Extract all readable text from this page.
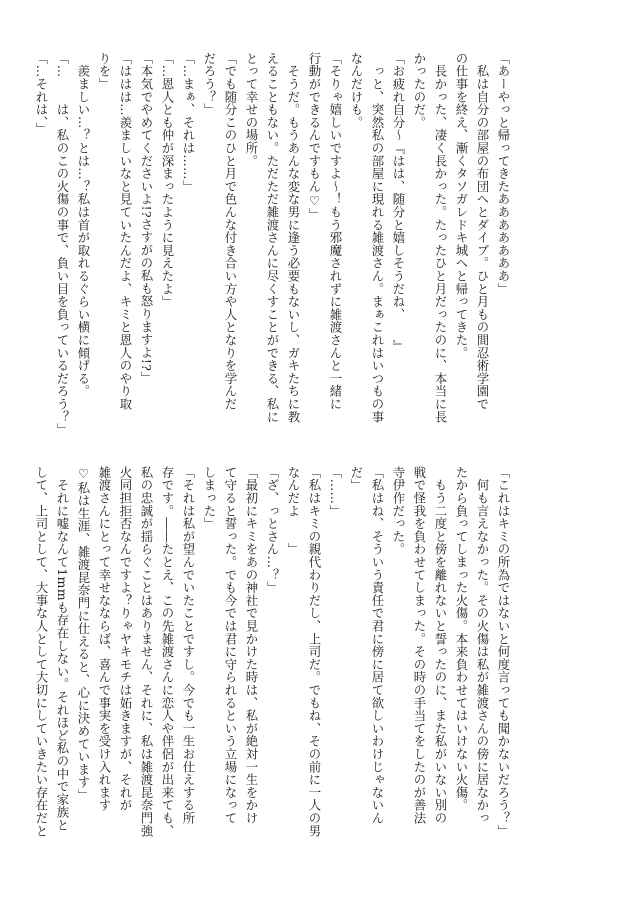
「あーやっと帰ってきたあああああああ」
　私は自分の部屋の布団へとダイブ。ひと月もの間忍術学園で
の仕事を終え、漸くタソガレドキ城へと帰ってきた。
　長かった、凄く長かった。たったひと月だったのに、本当に長
かったのだ。
「お疲れ自分〜『はは、随分と嬉しそうだね、　　』
　っと、突然私の部屋に現れる雑渡さん。まぁこれはいつもの事
なんだけも。
「そりゃ嬉しいですよ〜！もう邪魔されずに雑渡さんと一緒に
行動ができるんですもん♡」
　そうだ。もうあんな変な男に逢う必要もないし、ガキたちに教
えることもない。ただただ雑渡さんに尽くすことができる、私に
とって幸せの場所。
「でも随分このひと月で色んな付き合い方や人となりを学んだ
だろう？」
「…まぁ、それは……」
「…恩人とも仲が深まったように見えたよ」
「本気でやめてくださいよ!?さすがの私も怒りますよ!?」
「ははは…羨ましいなと見ていたんだよ、キミと恩人のやり取
りを」
　羨ましい…？とは…？私は首が取れるぐらい横に傾げる。
「…　　は、私のこの火傷の事で、負い目を負っているだろう？」
「…それは、」
「これはキミの所為ではないと何度言っても聞かないだろう？」
　何も言えなかった。その火傷は私が雑渡さんの傍に居なかっ
たから負ってしまった火傷。本来負わせてはいけない火傷。
　もう二度と傍を離れないと誓ったのに、また私がいない別の
戦で怪我を負わせてしまった。その時の手当てをしたのが善法
寺伊作だった。
「私はね、そういう責任で君に傍に居て欲しいわけじゃないん
だ」
「……」
「私はキミの親代わりだし、上司だ。でもね、その前に一人の男
なんだよ　　」
「ざ、っとさん…？」
「最初にキミをあの神社で見かけた時は、私が絶対一生をかけ
て守ると誓った。でも今では君に守られるという立場になって
しまった」
「それは私が望んでいたことですし。今でも一生お仕えする所
存です。――たとえ、この先雑渡さんに恋人や伴侶が出来ても、
私の忠誠が揺らぐことはありません、それに、私は雑渡昆奈門強
火同担拒否なんですよ？りゃヤキモチは妬きますが、それが
雑渡さんにとって幸せなならば、喜んで事実を受け入れます
♡私は生涯、雑渡昆奈門に仕えると、心に決めています」
　それに嘘なんて1mmも存在しない。それほど私の中で家族と
して、上司として、大事な人として大切にしていきたい存在だと
